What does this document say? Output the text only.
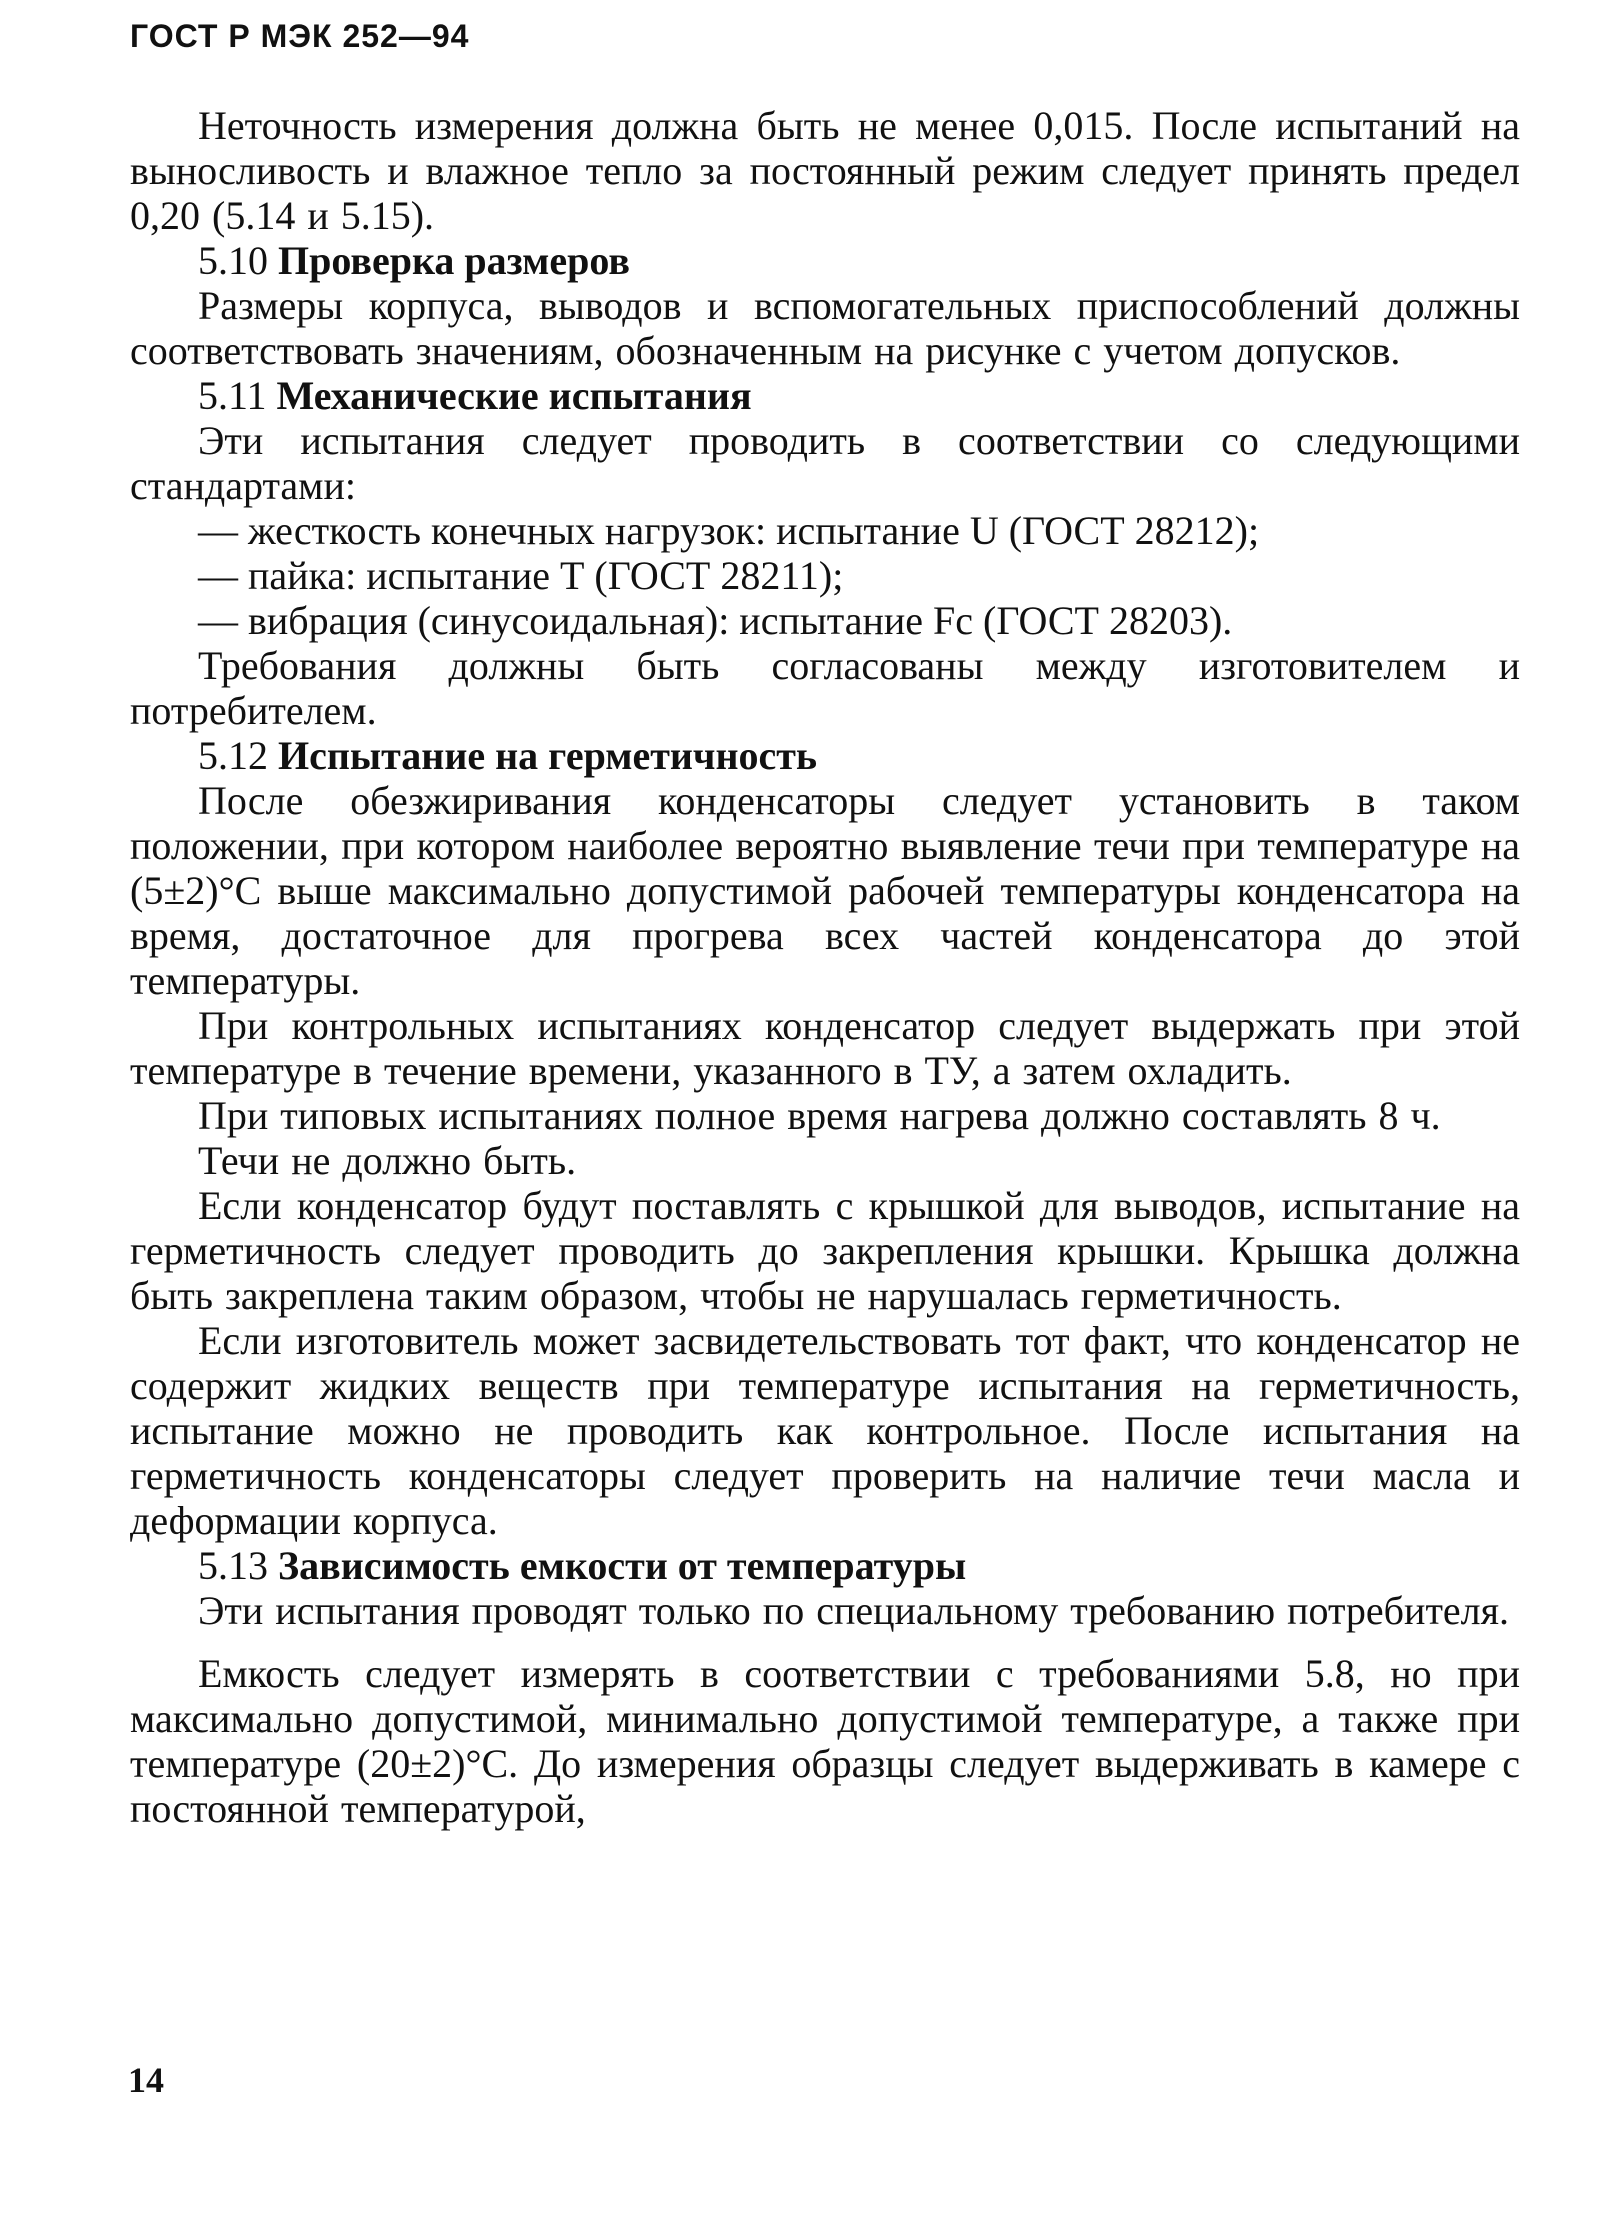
ГОСТ Р МЭК 252—94

Неточность измерения должна быть не менее 0,015. После испытаний на выносливость и влажное тепло за постоянный режим следует принять предел 0,20 (5.14 и 5.15).

5.10 Проверка размеров

Размеры корпуса, выводов и вспомогательных приспособлений должны соответствовать значениям, обозначенным на рисунке с учетом допусков.

5.11 Механические испытания

Эти испытания следует проводить в соответствии со следующими стандартами:

— жесткость конечных нагрузок: испытание U (ГОСТ 28212);

— пайка: испытание Т (ГОСТ 28211);

— вибрация (синусоидальная): испытание Fc (ГОСТ 28203).

Требования должны быть согласованы между изготовителем и потребителем.

5.12 Испытание на герметичность

После обезжиривания конденсаторы следует установить в таком положении, при котором наиболее вероятно выявление течи при температуре на (5±2)°С выше максимально допустимой рабочей температуры конденсатора на время, достаточное для прогрева всех частей конденсатора до этой температуры.

При контрольных испытаниях конденсатор следует выдержать при этой температуре в течение времени, указанного в ТУ, а затем охладить.

При типовых испытаниях полное время нагрева должно составлять 8 ч.

Течи не должно быть.

Если конденсатор будут поставлять с крышкой для выводов, испытание на герметичность следует проводить до закрепления крышки. Крышка должна быть закреплена таким образом, чтобы не нарушалась герметичность.

Если изготовитель может засвидетельствовать тот факт, что конденсатор не содержит жидких веществ при температуре испытания на герметичность, испытание можно не проводить как контрольное. После испытания на герметичность конденсаторы следует проверить на наличие течи масла и деформации корпуса.

5.13 Зависимость емкости от температуры

Эти испытания проводят только по специальному требованию потребителя.

Емкость следует измерять в соответствии с требованиями 5.8, но при максимально допустимой, минимально допустимой температуре, а также при температуре (20±2)°С. До измерения образцы следует выдерживать в камере с постоянной температурой,

14
